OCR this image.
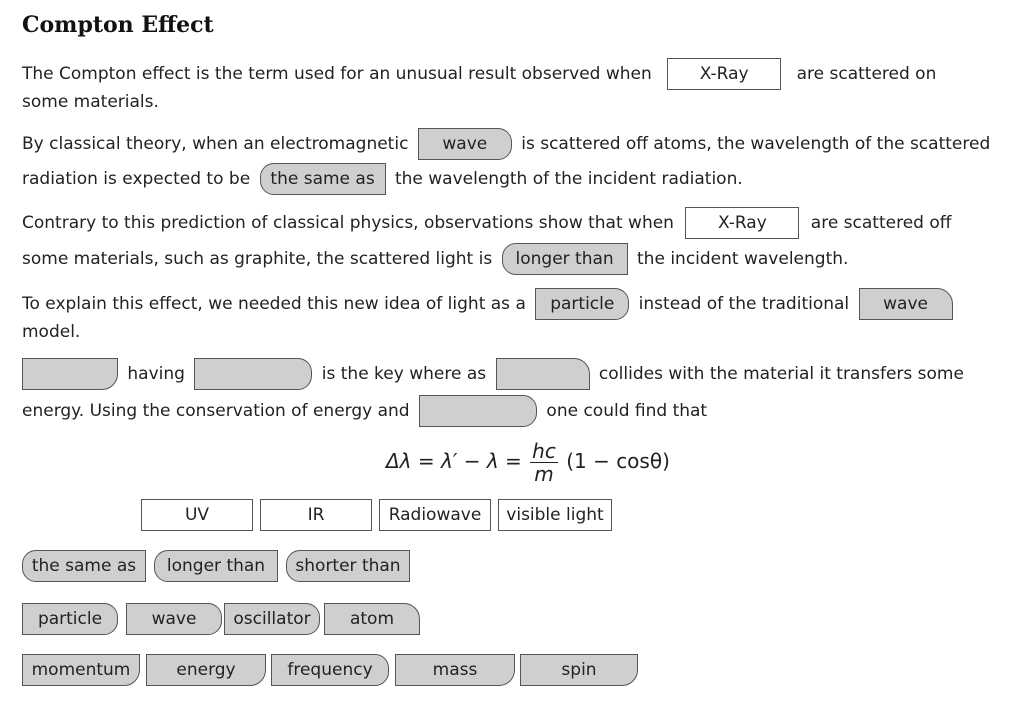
Compton Effect
The Compton effect is the term used for an unusual result observed when	X-Ray	are scattered on
some materials.
By classical theory, when an electromagnetic wave is scattered off atoms, the wavelength of the scattered
radiation is expected to be the same as the wavelength of the incident radiation.
Contrary to this prediction of classical physics, observations show that when	X-Ray	are scattered off
some materials, such as graphite, the scattered light is longer than the incident wavelength.
To explain this effect, we needed this new idea of light as a particle instead of the traditional wave
model.
having	is the key where as	collides with the material it transfers some
energy. Using the conservation of energy and	one could find that
$\Delta\lambda = \lambda' - \lambda = \frac{hc}{m} (1 - \cos\theta)$
UV	IR	Radiowave	visible light
the same as	longer than	shorter than
particle	wave	oscillator	atom
momentum	energy	frequency	mass	spin
